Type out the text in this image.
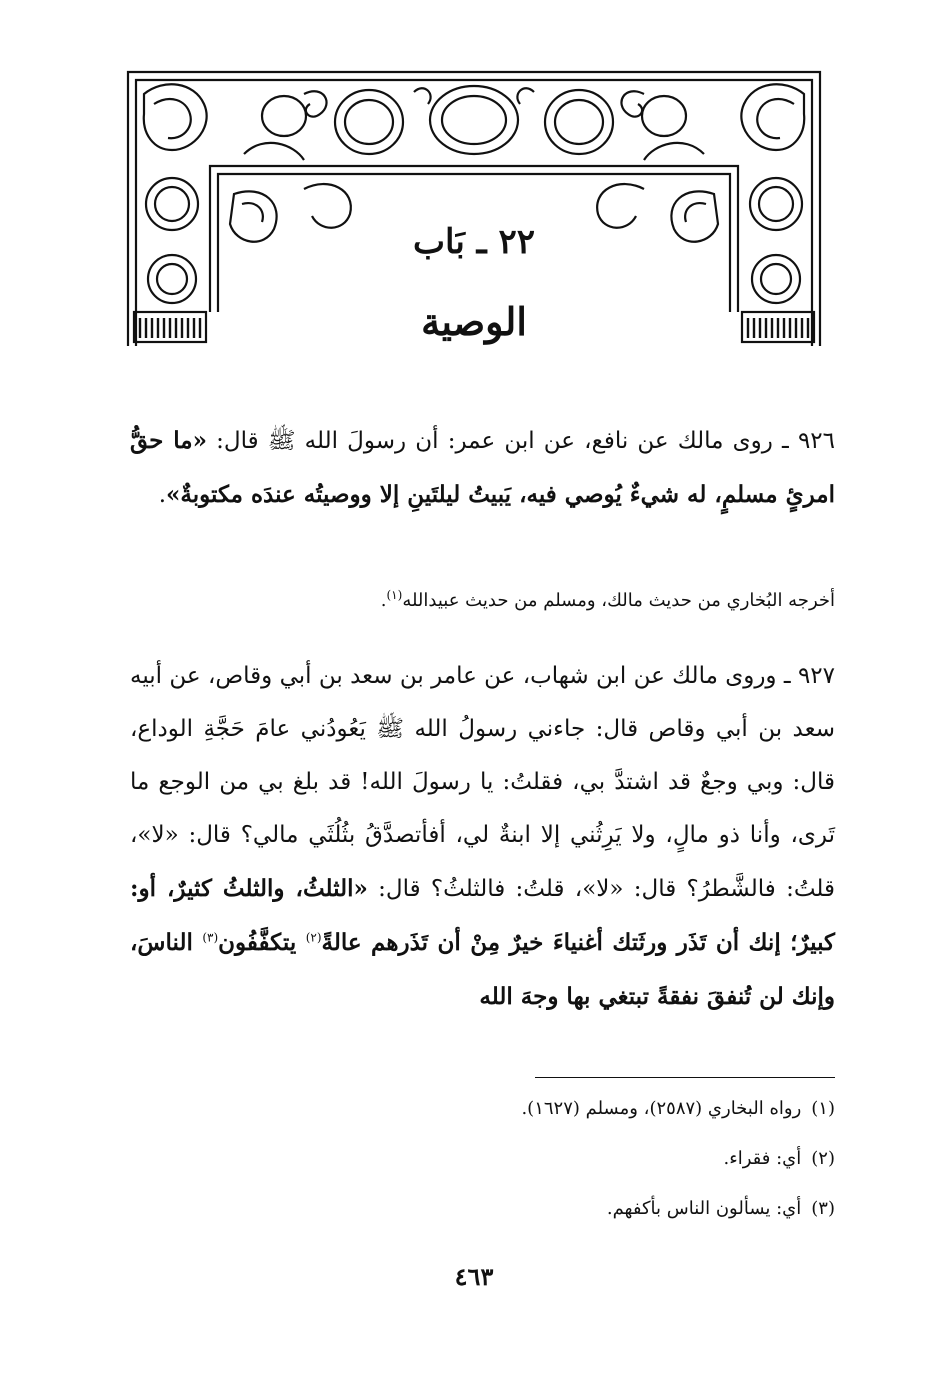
٢٢ ـ بَاب
الوصية

٩٢٦ ـ روى مالك عن نافع، عن ابن عمر: أن رسولَ الله ﷺ قال: «ما حقُّ امرئٍ مسلمٍ، له شيءٌ يُوصي فيه، يَبيتُ ليلتَينِ إلا ووصيتُه عندَه مكتوبةٌ».

أخرجه البُخاري من حديث مالك، ومسلم من حديث عبيدالله$^{(١)}$.

٩٢٧ ـ وروى مالك عن ابن شهاب، عن عامر بن سعد بن أبي وقاص، عن أبيه سعد بن أبي وقاص قال: جاءني رسولُ الله ﷺ يَعُودُني عامَ حَجَّةِ الوداع، قال: وبي وجعٌ قد اشتدَّ بي، فقلتُ: يا رسولَ الله! قد بلغ بي من الوجع ما تَرى، وأنا ذو مالٍ، ولا يَرِثُني إلا ابنةٌ لي، أفأتصدَّقُ بثُلُثَي مالي؟ قال: «لا»، قلتُ: فالشَّطرُ؟ قال: «لا»، قلتُ: فالثلثُ؟ قال: «الثلثُ، والثلثُ كثيرٌ، أو: كبيرٌ؛ إنك أن تَذَر ورثَتك أغنياءَ خيرٌ مِنْ أن تَذَرهم عالةً$^{(٢)}$ يتكفَّفُون$^{(٣)}$ الناسَ، وإنك لن تُنفقَ نفقةً تبتغي بها وجهَ الله

(١)رواه البخاري (٢٥٨٧)، ومسلم (١٦٢٧).
(٢)أي: فقراء.
(٣)أي: يسألون الناس بأكفهم.
٤٦٣
